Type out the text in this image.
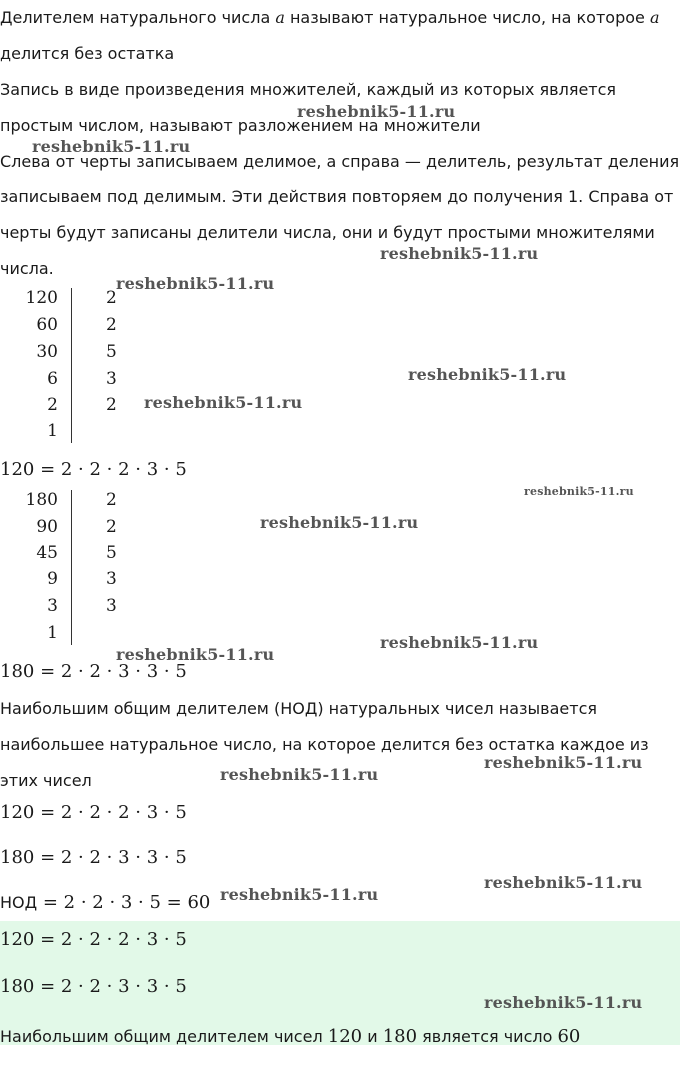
Делителем натурального числа a называют натуральное число, на которое a
делится без остатка
Запись в виде произведения множителей, каждый из которых является
простым числом, называют разложением на множители
Слева от черты записываем делимое, а справа — делитель, результат деления
записываем под делимым. Эти действия повторяем до получения 1. Справа от
черты будут записаны делители числа, они и будут простыми множителями
числа.
120
60
30
6
2
1
2
2
5
3
2
120 = 2 · 2 · 2 · 3 · 5
180
90
45
9
3
1
2
2
5
3
3
180 = 2 · 2 · 3 · 3 · 5
Наибольшим общим делителем (НОД) натуральных чисел называется
наибольшее натуральное число, на которое делится без остатка каждое из
этих чисел
120 = 2 · 2 · 2 · 3 · 5
180 = 2 · 2 · 3 · 3 · 5
НОД = 2 · 2 · 3 · 5 = 60
120 = 2 · 2 · 2 · 3 · 5
180 = 2 · 2 · 3 · 3 · 5
Наибольшим общим делителем чисел 120 и 180 является число 60
reshebnik5-11.ru
reshebnik5-11.ru
reshebnik5-11.ru
reshebnik5-11.ru
reshebnik5-11.ru
reshebnik5-11.ru
reshebnik5-11.ru
reshebnik5-11.ru
reshebnik5-11.ru
reshebnik5-11.ru
reshebnik5-11.ru
reshebnik5-11.ru
reshebnik5-11.ru
reshebnik5-11.ru
reshebnik5-11.ru
